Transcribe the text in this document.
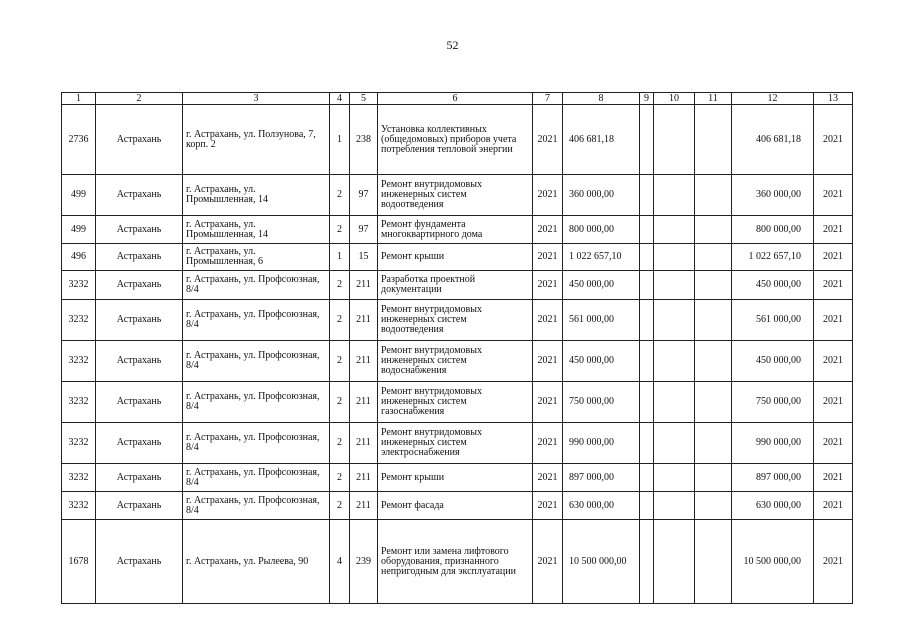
52
1	2	3	4	5	6	7	8	9	10	11	12	13
2736	Астрахань	г. Астрахань, ул. Ползунова, 7, корп. 2	1	238	Установка коллективных (общедомовых) приборов учета потребления тепловой энергии	2021	406 681,18				406 681,18	2021
499	Астрахань	г. Астрахань, ул. Промышленная, 14	2	97	Ремонт внутридомовых инженерных систем водоотведения	2021	360 000,00				360 000,00	2021
499	Астрахань	г. Астрахань, ул. Промышленная, 14	2	97	Ремонт фундамента многоквартирного дома	2021	800 000,00				800 000,00	2021
496	Астрахань	г. Астрахань, ул. Промышленная, 6	1	15	Ремонт крыши	2021	1 022 657,10				1 022 657,10	2021
3232	Астрахань	г. Астрахань, ул. Профсоюзная, 8/4	2	211	Разработка проектной документации	2021	450 000,00				450 000,00	2021
3232	Астрахань	г. Астрахань, ул. Профсоюзная, 8/4	2	211	Ремонт внутридомовых инженерных систем водоотведения	2021	561 000,00				561 000,00	2021
3232	Астрахань	г. Астрахань, ул. Профсоюзная, 8/4	2	211	Ремонт внутридомовых инженерных систем водоснабжения	2021	450 000,00				450 000,00	2021
3232	Астрахань	г. Астрахань, ул. Профсоюзная, 8/4	2	211	Ремонт внутридомовых инженерных систем газоснабжения	2021	750 000,00				750 000,00	2021
3232	Астрахань	г. Астрахань, ул. Профсоюзная, 8/4	2	211	Ремонт внутридомовых инженерных систем электроснабжения	2021	990 000,00				990 000,00	2021
3232	Астрахань	г. Астрахань, ул. Профсоюзная, 8/4	2	211	Ремонт крыши	2021	897 000,00				897 000,00	2021
3232	Астрахань	г. Астрахань, ул. Профсоюзная, 8/4	2	211	Ремонт фасада	2021	630 000,00				630 000,00	2021
1678	Астрахань	г. Астрахань, ул. Рылеева, 90	4	239	Ремонт или замена лифтового оборудования, признанного непригодным для эксплуатации	2021	10 500 000,00				10 500 000,00	2021
